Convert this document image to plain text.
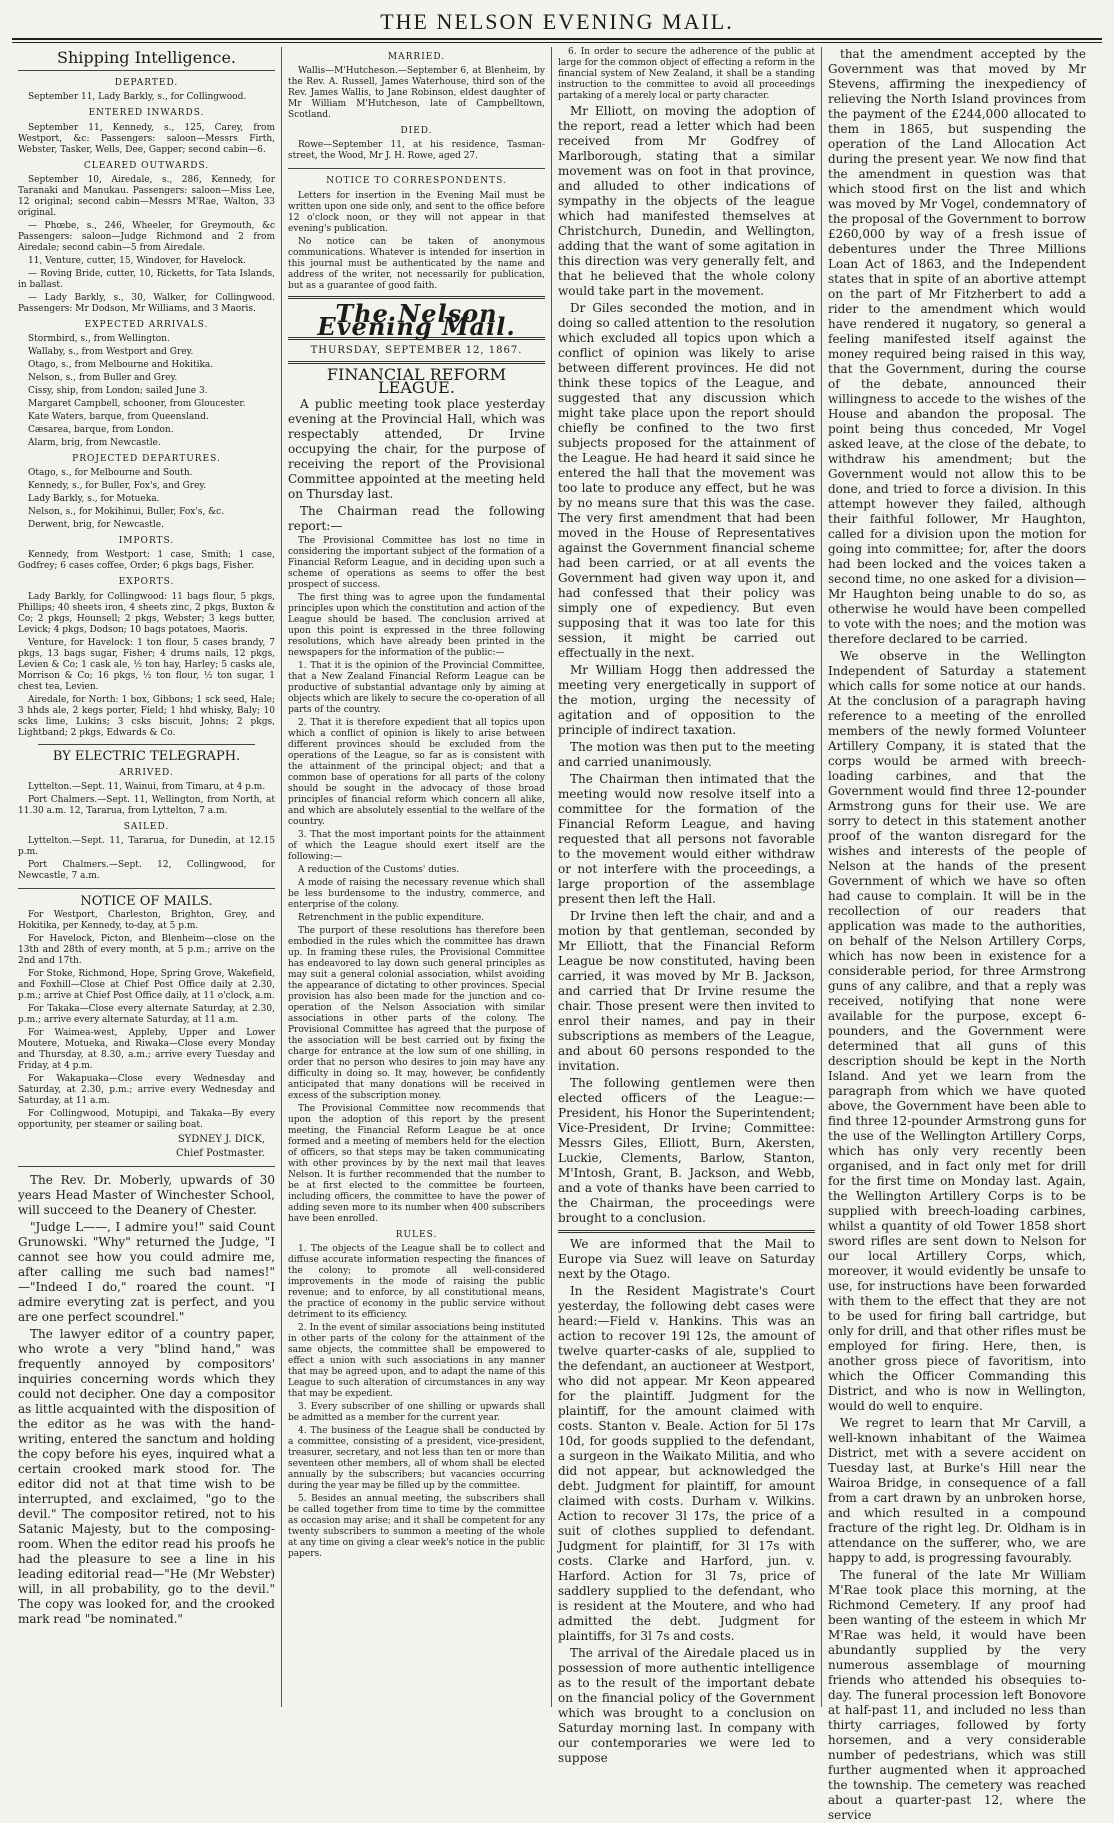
THE NELSON EVENING MAIL.
Shipping Intelligence.
DEPARTED.

September 11, Lady Barkly, s., for Collingwood.

ENTERED INWARDS.

September 11, Kennedy, s., 125, Carey, from Westport, &c: Passengers: saloon—Messrs Firth, Webster, Tasker, Wells, Dee, Gapper; second cabin—6.

CLEARED OUTWARDS.

September 10, Airedale, s., 286, Kennedy, for Taranaki and Manukau. Passengers: saloon—Miss Lee, 12 original; second cabin—Messrs M'Rae, Walton, 33 original.

— Phœbe, s., 246, Wheeler, for Greymouth, &c Passengers: saloon—Judge Richmond and 2 from Airedale; second cabin—5 from Airedale.

11, Venture, cutter, 15, Windover, for Havelock.

— Roving Bride, cutter, 10, Ricketts, for Tata Islands, in ballast.

— Lady Barkly, s., 30, Walker, for Collingwood. Passengers: Mr Dodson, Mr Williams, and 3 Maoris.

EXPECTED ARRIVALS.

Stormbird, s., from Wellington.

Wallaby, s., from Westport and Grey.

Otago, s., from Melbourne and Hokitika.

Nelson, s., from Buller and Grey.

Cissy, ship, from London; sailed June 3.

Margaret Campbell, schooner, from Gloucester.

Kate Waters, barque, from Queensland.

Cæsarea, barque, from London.

Alarm, brig, from Newcastle.

PROJECTED DEPARTURES.

Otago, s., for Melbourne and South.

Kennedy, s., for Buller, Fox's, and Grey.

Lady Barkly, s., for Motueka.

Nelson, s., for Mokihinui, Buller, Fox's, &c.

Derwent, brig, for Newcastle.

IMPORTS.

Kennedy, from Westport: 1 case, Smith; 1 case, Godfrey; 6 cases coffee, Order; 6 pkgs bags, Fisher.

EXPORTS.

Lady Barkly, for Collingwood: 11 bags flour, 5 pkgs, Phillips; 40 sheets iron, 4 sheets zinc, 2 pkgs, Buxton & Co; 2 pkgs, Hounsell; 2 pkgs, Webster; 3 kegs butter, Levick; 4 pkgs, Dodson; 10 bags potatoes, Maoris.

Venture, for Havelock: 1 ton flour, 5 cases brandy, 7 pkgs, 13 bags sugar, Fisher; 4 drums nails, 12 pkgs, Levien & Co; 1 cask ale, ½ ton hay, Harley; 5 casks ale, Morrison & Co; 16 pkgs, ½ ton flour, ½ ton sugar, 1 chest tea, Levien.

Airedale, for North: 1 box, Gibbons; 1 sck seed, Hale; 3 hhds ale, 2 kegs porter, Field; 1 hhd whisky, Baly; 10 scks lime, Lukins; 3 csks biscuit, Johns; 2 pkgs, Lightband; 2 pkgs, Edwards & Co.

BY ELECTRIC TELEGRAPH.
ARRIVED.

Lyttelton.—Sept. 11, Wainui, from Timaru, at 4 p.m.

Port Chalmers.—Sept. 11, Wellington, from North, at 11.30 a.m. 12, Tararua, from Lyttelton, 7 a.m.

SAILED.

Lyttelton.—Sept. 11, Tararua, for Dunedin, at 12.15 p.m.

Port Chalmers.—Sept. 12, Collingwood, for Newcastle, 7 a.m.

NOTICE OF MAILS.

For Westport, Charleston, Brighton, Grey, and Hokitika, per Kennedy, to-day, at 5 p.m.

For Havelock, Picton, and Blenheim—close on the 13th and 28th of every month, at 5 p.m.; arrive on the 2nd and 17th.

For Stoke, Richmond, Hope, Spring Grove, Wakefield, and Foxhill—Close at Chief Post Office daily at 2.30, p.m.; arrive at Chief Post Office daily, at 11 o'clock, a.m.

For Takaka—Close every alternate Saturday, at 2.30, p.m.; arrive every alternate Saturday, at 11 a.m.

For Waimea-west, Appleby, Upper and Lower Moutere, Motueka, and Riwaka—Close every Monday and Thursday, at 8.30, a.m.; arrive every Tuesday and Friday, at 4 p.m.

For Wakapuaka—Close every Wednesday and Saturday, at 2.30, p.m.; arrive every Wednesday and Saturday, at 11 a.m.

For Collingwood, Motupipi, and Takaka—By every opportunity, per steamer or sailing boat.

SYDNEY J. DICK,
Chief Postmaster.

The Rev. Dr. Moberly, upwards of 30 years Head Master of Winchester School, will succeed to the Deanery of Chester.

"Judge L——, I admire you!" said Count Grunowski. "Why" returned the Judge, "I cannot see how you could admire me, after calling me such bad names!" —"Indeed I do," roared the count. "I admire everyting zat is perfect, and you are one perfect scoundrel."

The lawyer editor of a country paper, who wrote a very "blind hand," was frequently annoyed by compositors' inquiries concerning words which they could not decipher. One day a compositor as little acquainted with the disposition of the editor as he was with the hand-writing, entered the sanctum and holding the copy before his eyes, inquired what a certain crooked mark stood for. The editor did not at that time wish to be interrupted, and exclaimed, "go to the devil." The compositor retired, not to his Satanic Majesty, but to the composing-room. When the editor read his proofs he had the pleasure to see a line in his leading editorial read—"He (Mr Webster) will, in all probability, go to the devil." The copy was looked for, and the crooked mark read "be nominated."

MARRIED.

Wallis—M'Hutcheson.—September 6, at Blenheim, by the Rev. A. Russell, James Waterhouse, third son of the Rev. James Wallis, to Jane Robinson, eldest daughter of Mr William M'Hutcheson, late of Campbelltown, Scotland.

DIED.

Rowe—September 11, at his residence, Tasman-street, the Wood, Mr J. H. Rowe, aged 27.

NOTICE TO CORRESPONDENTS.

Letters for insertion in the Evening Mail must be written upon one side only, and sent to the office before 12 o'clock noon, or they will not appear in that evening's publication.

No notice can be taken of anonymous communications. Whatever is intended for insertion in this journal must be authenticated by the name and address of the writer, not necessarily for publication, but as a guarantee of good faith.

The Nelson Evening Mail.
THURSDAY, SEPTEMBER 12, 1867.
FINANCIAL REFORM LEAGUE.

A public meeting took place yesterday evening at the Provincial Hall, which was respectably attended, Dr Irvine occupying the chair, for the purpose of receiving the report of the Provisional Committee appointed at the meeting held on Thursday last.

The Chairman read the following report:—

The Provisional Committee has lost no time in considering the important subject of the formation of a Financial Reform League, and in deciding upon such a scheme of operations as seems to offer the best prospect of success.

The first thing was to agree upon the fundamental principles upon which the constitution and action of the League should be based. The conclusion arrived at upon this point is expressed in the three following resolutions, which have already been printed in the newspapers for the information of the public:—

1. That it is the opinion of the Provincial Committee, that a New Zealand Financial Reform League can be productive of substantial advantage only by aiming at objects which are likely to secure the co-operation of all parts of the country.

2. That it is therefore expedient that all topics upon which a conflict of opinion is likely to arise between different provinces should be excluded from the operations of the League, so far as is consistent with the attainment of the principal object; and that a common base of operations for all parts of the colony should be sought in the advocacy of those broad principles of financial reform which concern all alike, and which are absolutely essential to the welfare of the country.

3. That the most important points for the attainment of which the League should exert itself are the following:—

A reduction of the Customs' duties.

A mode of raising the necessary revenue which shall be less burdensome to the industry, commerce, and enterprise of the colony.

Retrenchment in the public expenditure.

The purport of these resolutions has therefore been embodied in the rules which the committee has drawn up. In framing these rules, the Provisional Committee has endeavored to lay down such general principles as may suit a general colonial association, whilst avoiding the appearance of dictating to other provinces. Special provision has also been made for the junction and co-operation of the Nelson Association with similar associations in other parts of the colony. The Provisional Committee has agreed that the purpose of the association will be best carried out by fixing the charge for entrance at the low sum of one shilling, in order that no person who desires to join may have any difficulty in doing so. It may, however, be confidently anticipated that many donations will be received in excess of the subscription money.

The Provisional Committee now recommends that upon the adoption of this report by the present meeting, the Financial Reform League be at once formed and a meeting of members held for the election of officers, so that steps may be taken communicating with other provinces by by the next mail that leaves Nelson. It is further recommended that the number to be at first elected to the committee be fourteen, including officers, the committee to have the power of adding seven more to its number when 400 subscribers have been enrolled.

RULES.

1. The objects of the League shall be to collect and diffuse accurate information respecting the finances of the colony; to promote all well-considered improvements in the mode of raising the public revenue; and to enforce, by all constitutional means, the practice of economy in the public service without detriment to its efficiency.

2. In the event of similar associations being instituted in other parts of the colony for the attainment of the same objects, the committee shall be empowered to effect a union with such associations in any manner that may be agreed upon, and to adapt the name of this League to such alteration of circumstances in any way that may be expedient.

3. Every subscriber of one shilling or upwards shall be admitted as a member for the current year.

4. The business of the League shall be conducted by a committee, consisting of a president, vice-president, treasurer, secretary, and not less than ten or more than seventeen other members, all of whom shall be elected annually by the subscribers; but vacancies occurring during the year may be filled up by the committee.

5. Besides an annual meeting, the subscribers shall be called together from time to time by the committee as occasion may arise; and it shall be competent for any twenty subscribers to summon a meeting of the whole at any time on giving a clear week's notice in the public papers.

6. In order to secure the adherence of the public at large for the common object of effecting a reform in the financial system of New Zealand, it shall be a standing instruction to the committee to avoid all proceedings partaking of a merely local or party character.

Mr Elliott, on moving the adoption of the report, read a letter which had been received from Mr Godfrey of Marlborough, stating that a similar movement was on foot in that province, and alluded to other indications of sympathy in the objects of the league which had manifested themselves at Christchurch, Dunedin, and Wellington, adding that the want of some agitation in this direction was very generally felt, and that he believed that the whole colony would take part in the movement.

Dr Giles seconded the motion, and in doing so called attention to the resolution which excluded all topics upon which a conflict of opinion was likely to arise between different provinces. He did not think these topics of the League, and suggested that any discussion which might take place upon the report should chiefly be confined to the two first subjects proposed for the attainment of the League. He had heard it said since he entered the hall that the movement was too late to produce any effect, but he was by no means sure that this was the case. The very first amendment that had been moved in the House of Representatives against the Government financial scheme had been carried, or at all events the Government had given way upon it, and had confessed that their policy was simply one of expediency. But even supposing that it was too late for this session, it might be carried out effectually in the next.

Mr William Hogg then addressed the meeting very energetically in support of the motion, urging the necessity of agitation and of opposition to the principle of indirect taxation.

The motion was then put to the meeting and carried unanimously.

The Chairman then intimated that the meeting would now resolve itself into a committee for the formation of the Financial Reform League, and having requested that all persons not favorable to the movement would either withdraw or not interfere with the proceedings, a large proportion of the assemblage present then left the Hall.

Dr Irvine then left the chair, and and a motion by that gentleman, seconded by Mr Elliott, that the Financial Reform League be now constituted, having been carried, it was moved by Mr B. Jackson, and carried that Dr Irvine resume the chair. Those present were then invited to enrol their names, and pay in their subscriptions as members of the League, and about 60 persons responded to the invitation.

The following gentlemen were then elected officers of the League:—President, his Honor the Superintendent; Vice-President, Dr Irvine; Committee: Messrs Giles, Elliott, Burn, Akersten, Luckie, Clements, Barlow, Stanton, M'Intosh, Grant, B. Jackson, and Webb, and a vote of thanks have been carried to the Chairman, the proceedings were brought to a conclusion.

We are informed that the Mail to Europe via Suez will leave on Saturday next by the Otago.

In the Resident Magistrate's Court yesterday, the following debt cases were heard:—Field v. Hankins. This was an action to recover 19l 12s, the amount of twelve quarter-casks of ale, supplied to the defendant, an auctioneer at Westport, who did not appear. Mr Keon appeared for the plaintiff. Judgment for the plaintiff, for the amount claimed with costs. Stanton v. Beale. Action for 5l 17s 10d, for goods supplied to the defendant, a surgeon in the Waikato Militia, and who did not appear, but acknowledged the debt. Judgment for plaintiff, for amount claimed with costs. Durham v. Wilkins. Action to recover 3l 17s, the price of a suit of clothes supplied to defendant. Judgment for plaintiff, for 3l 17s with costs. Clarke and Harford, jun. v. Harford. Action for 3l 7s, price of saddlery supplied to the defendant, who is resident at the Moutere, and who had admitted the debt. Judgment for plaintiffs, for 3l 7s and costs.

The arrival of the Airedale placed us in possession of more authentic intelligence as to the result of the important debate on the financial policy of the Government which was brought to a conclusion on Saturday morning last. In company with our contemporaries we were led to suppose

that the amendment accepted by the Government was that moved by Mr Stevens, affirming the inexpediency of relieving the North Island provinces from the payment of the £244,000 allocated to them in 1865, but suspending the operation of the Land Allocation Act during the present year. We now find that the amendment in question was that which stood first on the list and which was moved by Mr Vogel, condemnatory of the proposal of the Government to borrow £260,000 by way of a fresh issue of debentures under the Three Millions Loan Act of 1863, and the Independent states that in spite of an abortive attempt on the part of Mr Fitzherbert to add a rider to the amendment which would have rendered it nugatory, so general a feeling manifested itself against the money required being raised in this way, that the Government, during the course of the debate, announced their willingness to accede to the wishes of the House and abandon the proposal. The point being thus conceded, Mr Vogel asked leave, at the close of the debate, to withdraw his amendment; but the Government would not allow this to be done, and tried to force a division. In this attempt however they failed, although their faithful follower, Mr Haughton, called for a division upon the motion for going into committee; for, after the doors had been locked and the voices taken a second time, no one asked for a division—Mr Haughton being unable to do so, as otherwise he would have been compelled to vote with the noes; and the motion was therefore declared to be carried.

We observe in the Wellington Independent of Saturday a statement which calls for some notice at our hands. At the conclusion of a paragraph having reference to a meeting of the enrolled members of the newly formed Volunteer Artillery Company, it is stated that the corps would be armed with breech-loading carbines, and that the Government would find three 12-pounder Armstrong guns for their use. We are sorry to detect in this statement another proof of the wanton disregard for the wishes and interests of the people of Nelson at the hands of the present Government of which we have so often had cause to complain. It will be in the recollection of our readers that application was made to the authorities, on behalf of the Nelson Artillery Corps, which has now been in existence for a considerable period, for three Armstrong guns of any calibre, and that a reply was received, notifying that none were available for the purpose, except 6-pounders, and the Government were determined that all guns of this description should be kept in the North Island. And yet we learn from the paragraph from which we have quoted above, the Government have been able to find three 12-pounder Armstrong guns for the use of the Wellington Artillery Corps, which has only very recently been organised, and in fact only met for drill for the first time on Monday last. Again, the Wellington Artillery Corps is to be supplied with breech-loading carbines, whilst a quantity of old Tower 1858 short sword rifles are sent down to Nelson for our local Artillery Corps, which, moreover, it would evidently be unsafe to use, for instructions have been forwarded with them to the effect that they are not to be used for firing ball cartridge, but only for drill, and that other rifles must be employed for firing. Here, then, is another gross piece of favoritism, into which the Officer Commanding this District, and who is now in Wellington, would do well to enquire.

We regret to learn that Mr Carvill, a well-known inhabitant of the Waimea District, met with a severe accident on Tuesday last, at Burke's Hill near the Wairoa Bridge, in consequence of a fall from a cart drawn by an unbroken horse, and which resulted in a compound fracture of the right leg. Dr. Oldham is in attendance on the sufferer, who, we are happy to add, is progressing favourably.

The funeral of the late Mr William M'Rae took place this morning, at the Richmond Cemetery. If any proof had been wanting of the esteem in which Mr M'Rae was held, it would have been abundantly supplied by the very numerous assemblage of mourning friends who attended his obsequies to-day. The funeral procession left Bonovore at half-past 11, and included no less than thirty carriages, followed by forty horsemen, and a very considerable number of pedestrians, which was still further augmented when it approached the township. The cemetery was reached about a quarter-past 12, where the service
